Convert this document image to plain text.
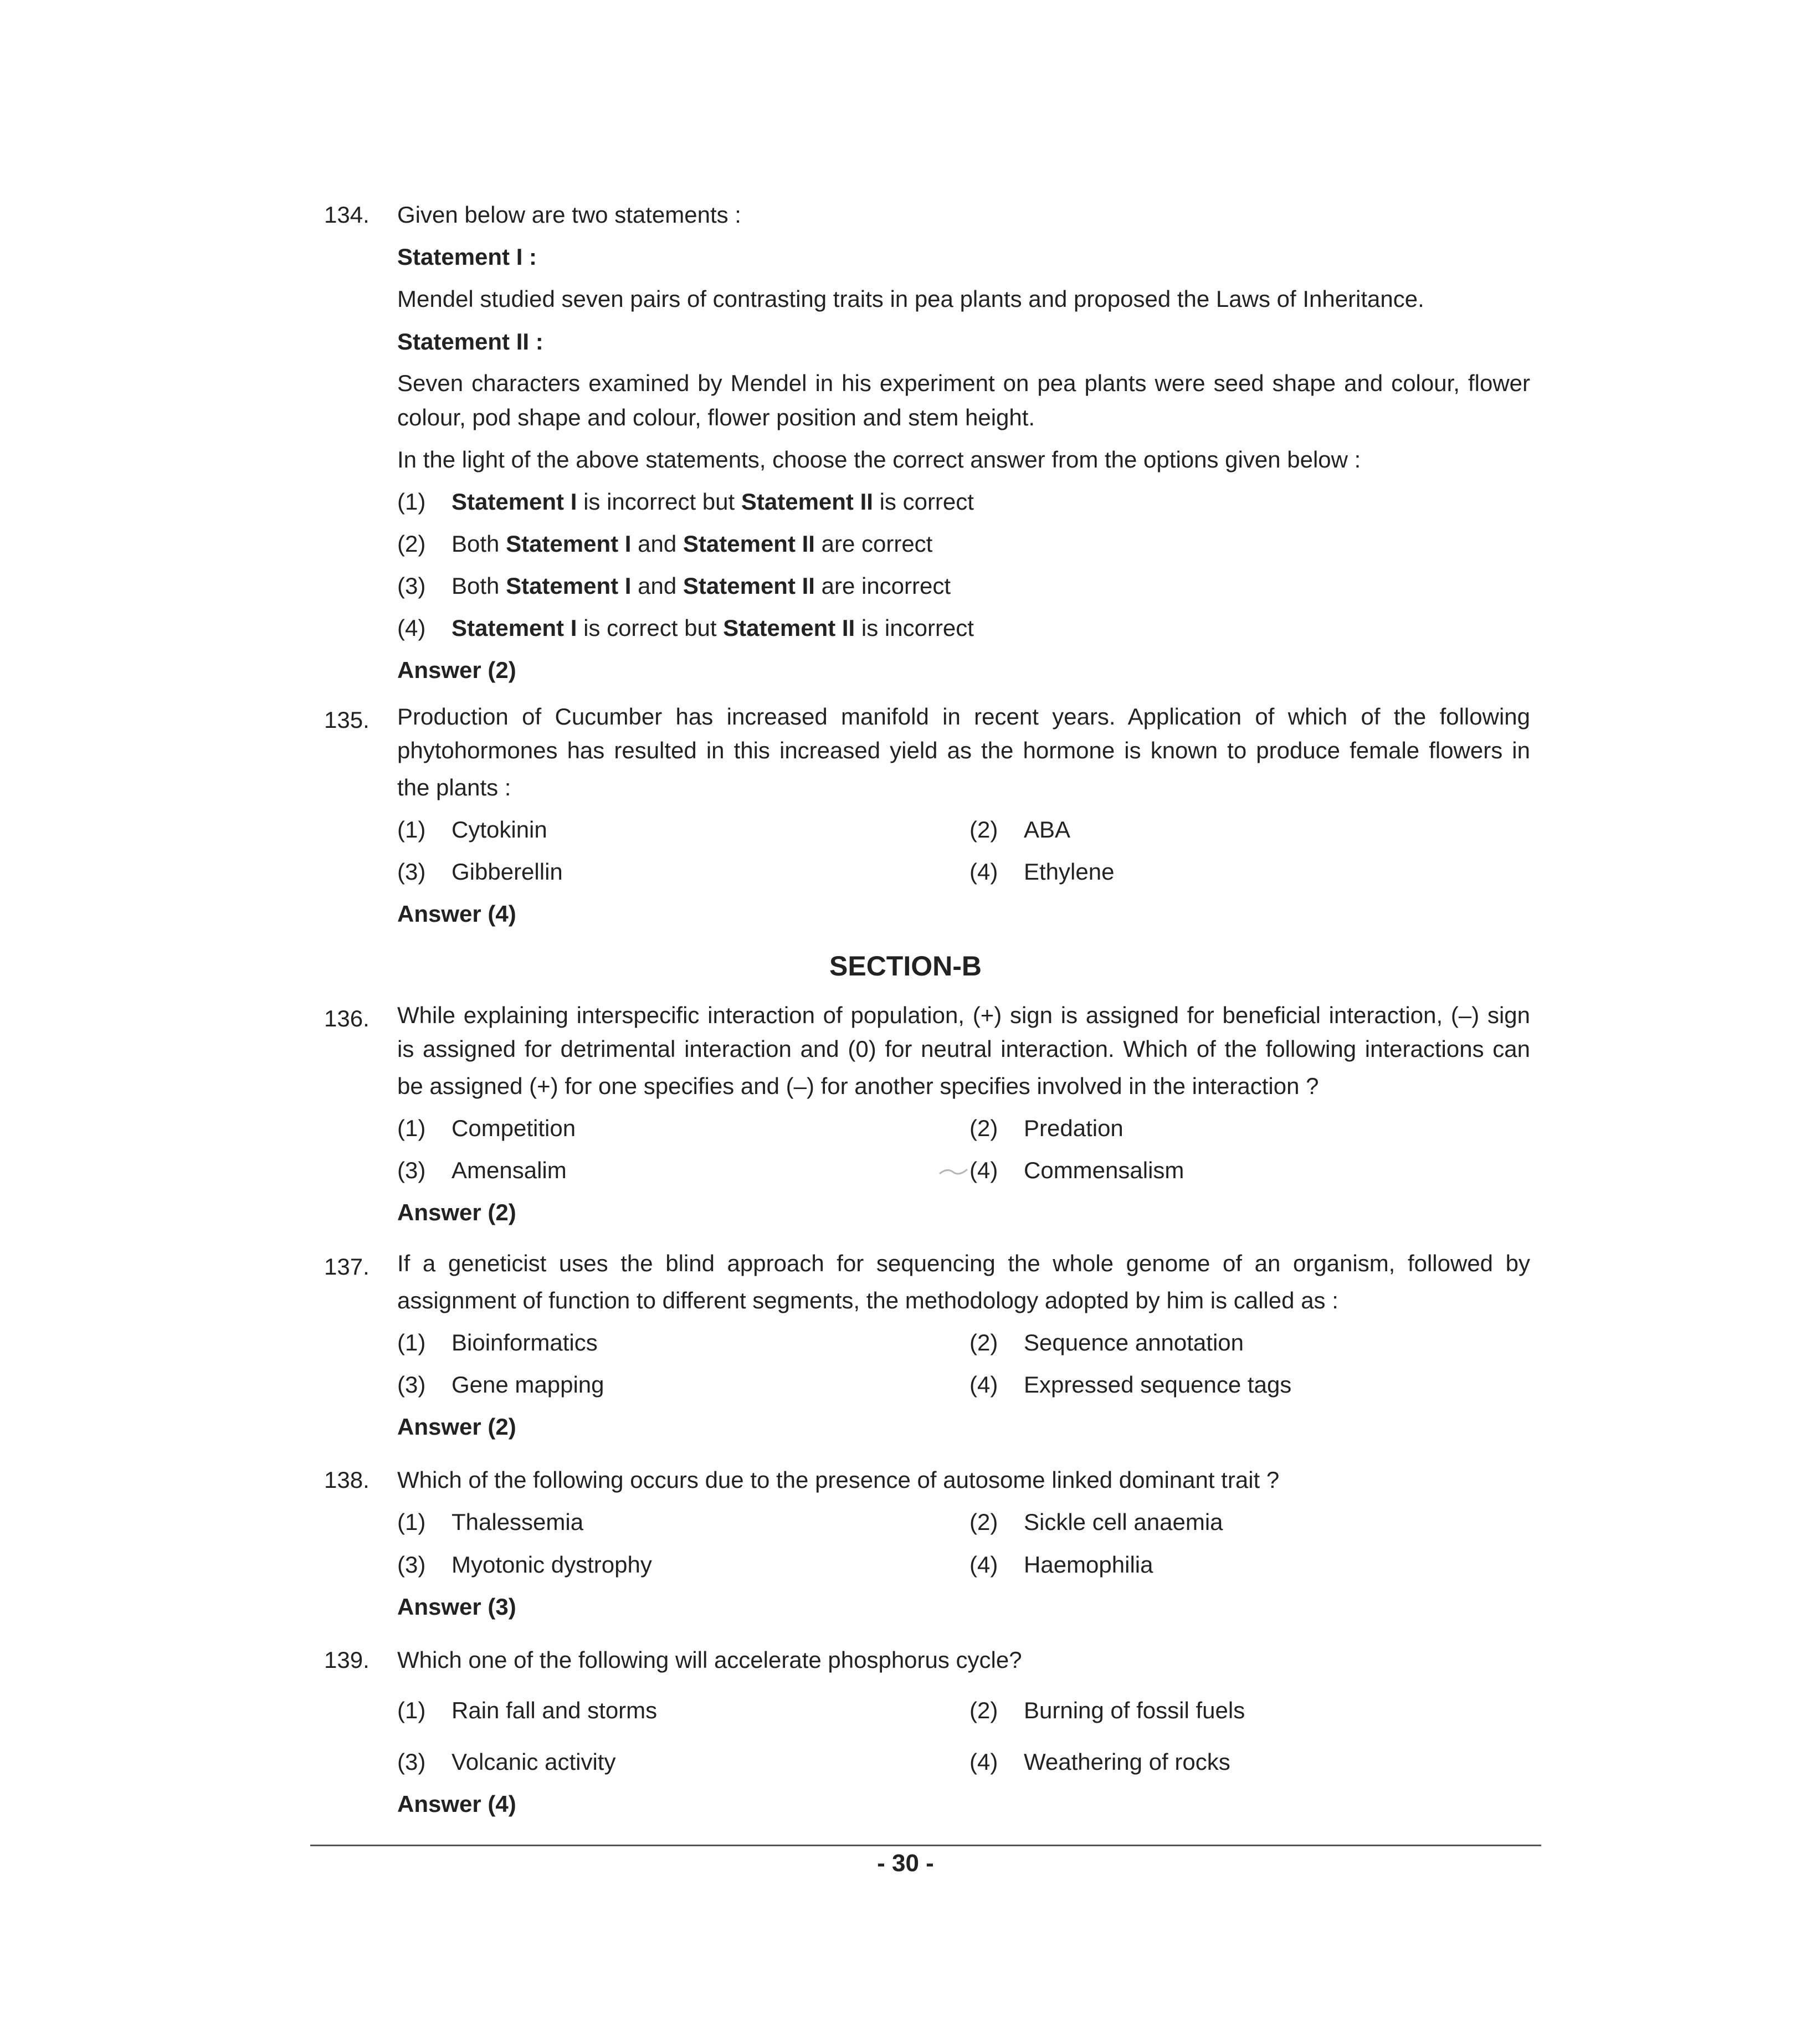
134. Given below are two statements :
Statement I :
Mendel studied seven pairs of contrasting traits in pea plants and proposed the Laws of Inheritance.
Statement II :
Seven characters examined by Mendel in his experiment on pea plants were seed shape and colour, flower
colour, pod shape and colour, flower position and stem height.
In the light of the above statements, choose the correct answer from the options given below :
(1) Statement I is incorrect but Statement II is correct
(2) Both Statement I and Statement II are correct
(3) Both Statement I and Statement II are incorrect
(4) Statement I is correct but Statement II is incorrect
Answer (2)
135. Production of Cucumber has increased manifold in recent years. Application of which of the following
phytohormones has resulted in this increased yield as the hormone is known to produce female flowers in
the plants :
(1) Cytokinin	(2) ABA
(3) Gibberellin	(4) Ethylene
Answer (4)
SECTION-B
136. While explaining interspecific interaction of population, (+) sign is assigned for beneficial interaction, (–) sign
is assigned for detrimental interaction and (0) for neutral interaction. Which of the following interactions can
be assigned (+) for one specifies and (–) for another specifies involved in the interaction ?
(1) Competition	(2) Predation
(3) Amensalim	(4) Commensalism
Answer (2)
137. If a geneticist uses the blind approach for sequencing the whole genome of an organism, followed by
assignment of function to different segments, the methodology adopted by him is called as :
(1) Bioinformatics	(2) Sequence annotation
(3) Gene mapping	(4) Expressed sequence tags
Answer (2)
138. Which of the following occurs due to the presence of autosome linked dominant trait ?
(1) Thalessemia	(2) Sickle cell anaemia
(3) Myotonic dystrophy	(4) Haemophilia
Answer (3)
139. Which one of the following will accelerate phosphorus cycle?
(1) Rain fall and storms	(2) Burning of fossil fuels
(3) Volcanic activity	(4) Weathering of rocks
Answer (4)
- 30 -
